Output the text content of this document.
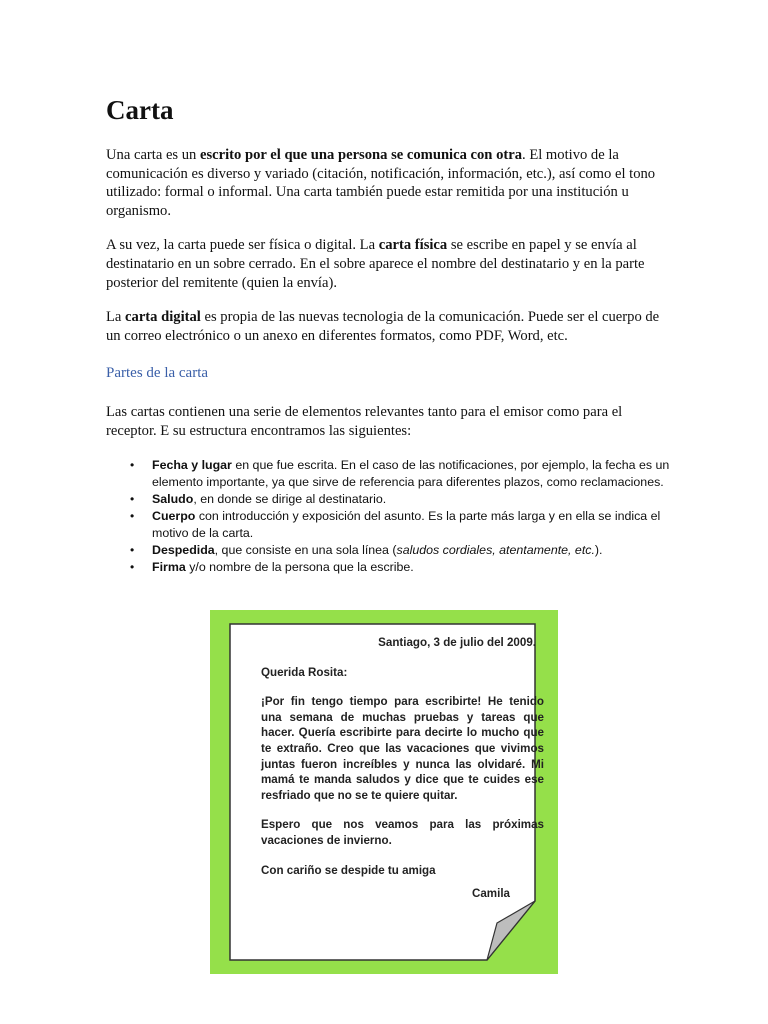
Carta

Una carta es un escrito por el que una persona se comunica con otra. El motivo de la comunicación es diverso y variado (citación, notificación, información, etc.), así como el tono utilizado: formal o informal. Una carta también puede estar remitida por una institución u organismo.

A su vez, la carta puede ser física o digital. La carta física se escribe en papel y se envía al destinatario en un sobre cerrado. En el sobre aparece el nombre del destinatario y en la parte posterior del remitente (quien la envía).

La carta digital es propia de las nuevas tecnologia de la comunicación. Puede ser el cuerpo de un correo electrónico o un anexo en diferentes formatos, como PDF, Word, etc.

Partes de la carta

Las cartas contienen una serie de elementos relevantes tanto para el emisor como para el receptor. E su estructura encontramos las siguientes:

• Fecha y lugar en que fue escrita. En el caso de las notificaciones, por ejemplo, la fecha es un elemento importante, ya que sirve de referencia para diferentes plazos, como reclamaciones.
• Saludo, en donde se dirige al destinatario.
• Cuerpo con introducción y exposición del asunto. Es la parte más larga y en ella se indica el motivo de la carta.
• Despedida, que consiste en una sola línea (saludos cordiales, atentamente, etc.).
• Firma y/o nombre de la persona que la escribe.
Santiago, 3 de julio del 2009.
Querida Rosita:
¡Por fin tengo tiempo para escribirte! He tenido una semana de muchas pruebas y tareas que hacer. Quería escribirte para decirte lo mucho que te extraño. Creo que las vacaciones que vivimos juntas fueron increíbles y nunca las olvidaré. Mi mamá te manda saludos y dice que te cuides ese resfriado que no se te quiere quitar.
Espero que nos veamos para las próximas vacaciones de invierno.
Con cariño se despide tu amiga
Camila
